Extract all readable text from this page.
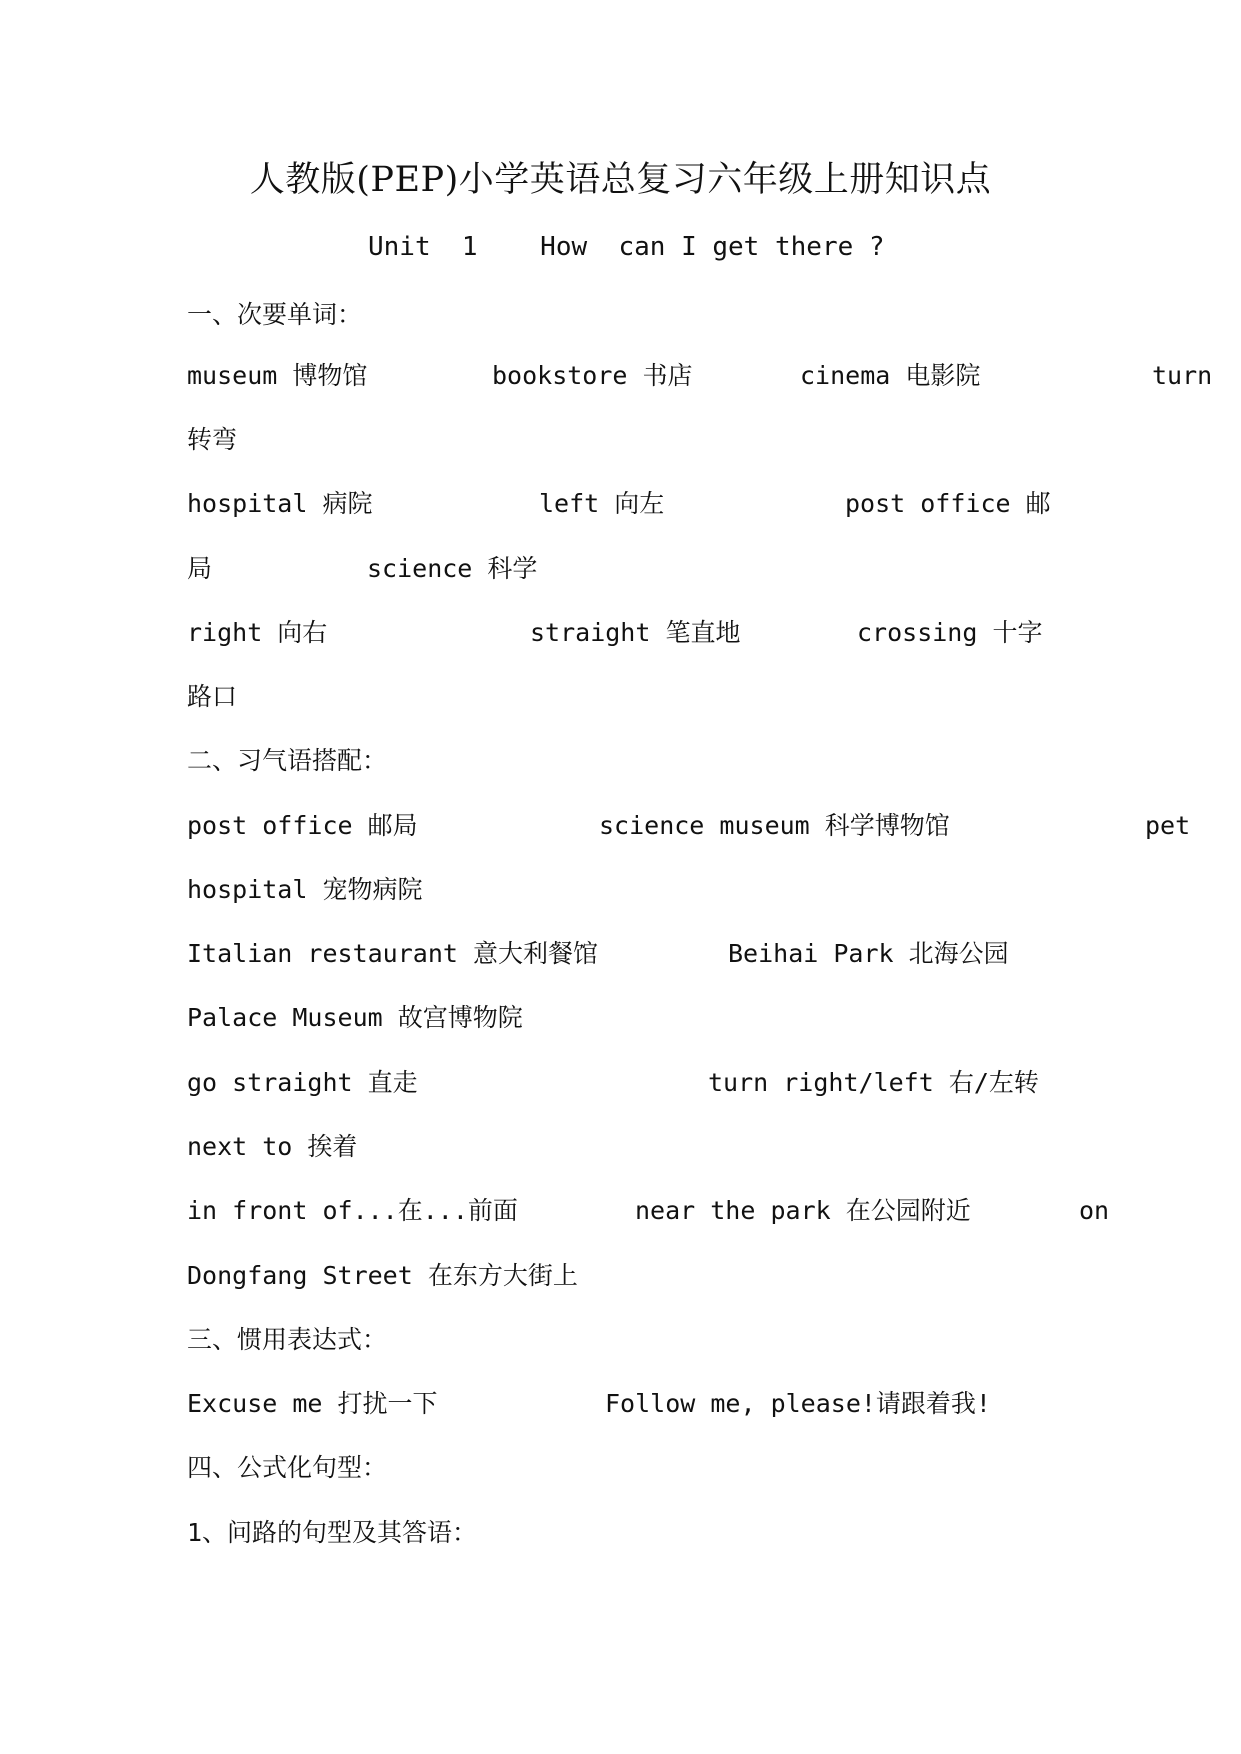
人教版(PEP)小学英语总复习六年级上册知识点
Unit  1    How  can I get there ?
一、次要单词：
museum 博物馆	bookstore 书店	cinema 电影院	turn
转弯
hospital 病院	left 向左	post office 邮
局	science 科学
right 向右	straight 笔直地	crossing 十字
路口
二、习气语搭配：
post office 邮局	science museum 科学博物馆	pet
hospital 宠物病院
Italian restaurant 意大利餐馆	Beihai Park 北海公园
Palace Museum 故宫博物院
go straight 直走	turn right/left 右/左转
next to 挨着
in front of...在...前面	near the park 在公园附近	on
Dongfang Street 在东方大街上
三、惯用表达式：
Excuse me 打扰一下	Follow me, please!请跟着我!
四、公式化句型：
1、问路的句型及其答语：
